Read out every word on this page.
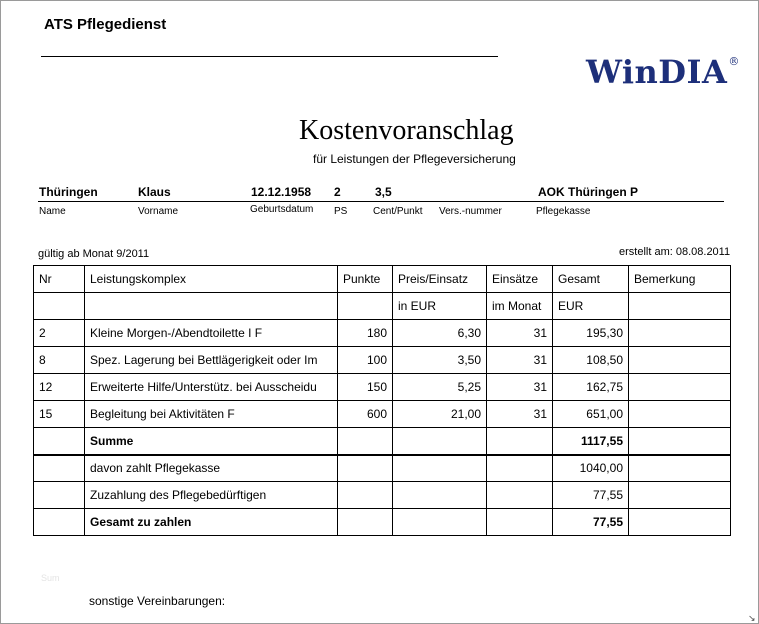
ATS Pflegedienst
WinDIA®
Kostenvoranschlag
für Leistungen der Pflegeversicherung
Thüringen	Klaus	12.12.1958 2	3,5	AOK Thüringen P
Name	Vorname	Geburtsdatum PS	Cent/Punkt Vers.-nummer	Pflegekasse
gültig ab Monat 9/2011	erstellt am: 08.08.2011
Nr	Leistungskomplex	Punkte	Preis/Einsatz	Einsätze	Gesamt	Bemerkung
			in EUR	im Monat	EUR	
2	Kleine Morgen-/Abendtoilette I F	180	6,30	31	195,30	
8	Spez. Lagerung bei Bettlägerigkeit oder Im	100	3,50	31	108,50	
12	Erweiterte Hilfe/Unterstütz. bei Ausscheidu	150	5,25	31	162,75	
15	Begleitung bei Aktivitäten F	600	21,00	31	651,00	
	Summe				1117,55	
	davon zahlt Pflegekasse				1040,00	
	Zuzahlung des Pflegebedürftigen				77,55	
	Gesamt zu zahlen				77,55	
Sum
sonstige Vereinbarungen:
↘
